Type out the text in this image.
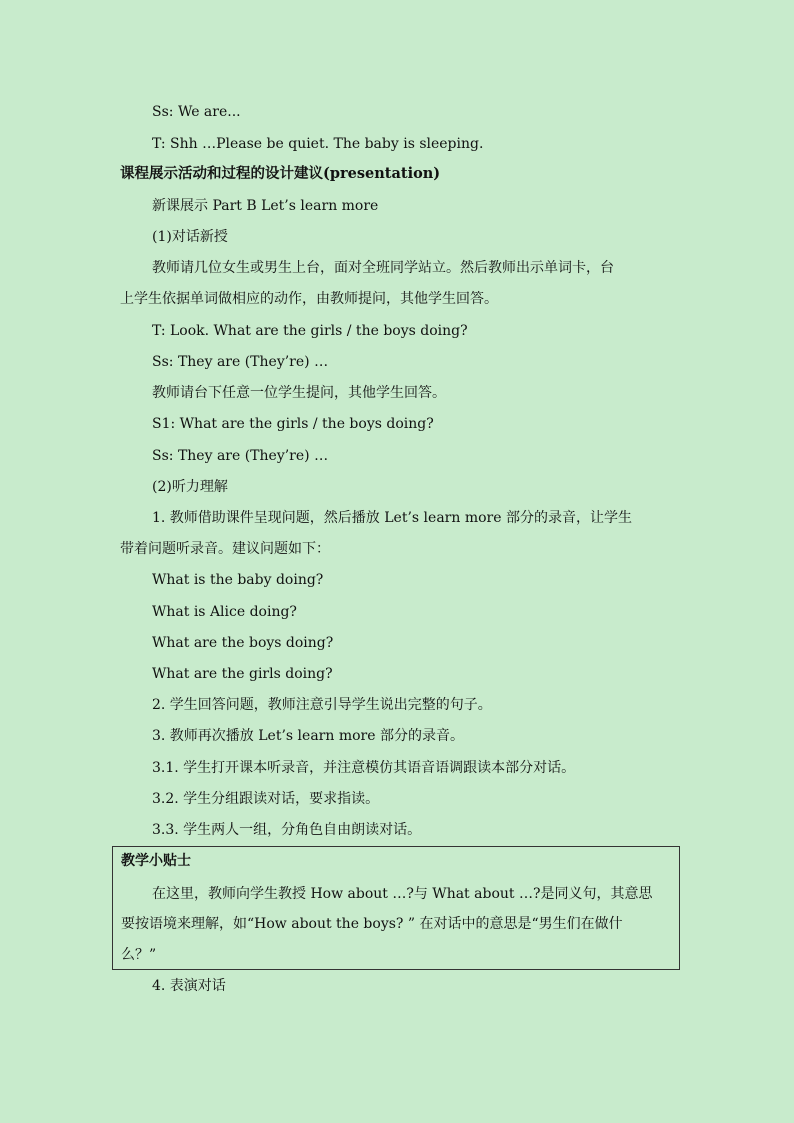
Ss: We are...
T: Shh …Please be quiet. The baby is sleeping.
课程展示活动和过程的设计建议(presentation)
新课展示 Part B Let’s learn more
(1)对话新授
教师请几位女生或男生上台，面对全班同学站立。然后教师出示单词卡，台
上学生依据单词做相应的动作，由教师提问，其他学生回答。
T: Look. What are the girls / the boys doing?
Ss: They are (They’re) …
教师请台下任意一位学生提问，其他学生回答。
S1: What are the girls / the boys doing?
Ss: They are (They’re) …
(2)听力理解
1. 教师借助课件呈现问题，然后播放 Let’s learn more 部分的录音，让学生
带着问题听录音。建议问题如下：
What is the baby doing?
What is Alice doing?
What are the boys doing?
What are the girls doing?
2. 学生回答问题，教师注意引导学生说出完整的句子。
3. 教师再次播放 Let’s learn more 部分的录音。
3.1. 学生打开课本听录音，并注意模仿其语音语调跟读本部分对话。
3.2. 学生分组跟读对话，要求指读。
3.3. 学生两人一组，分角色自由朗读对话。
教学小贴士
在这里，教师向学生教授 How about …?与 What about …?是同义句，其意思
要按语境来理解，如“How about the boys? ” 在对话中的意思是“男生们在做什
么？”
4. 表演对话
